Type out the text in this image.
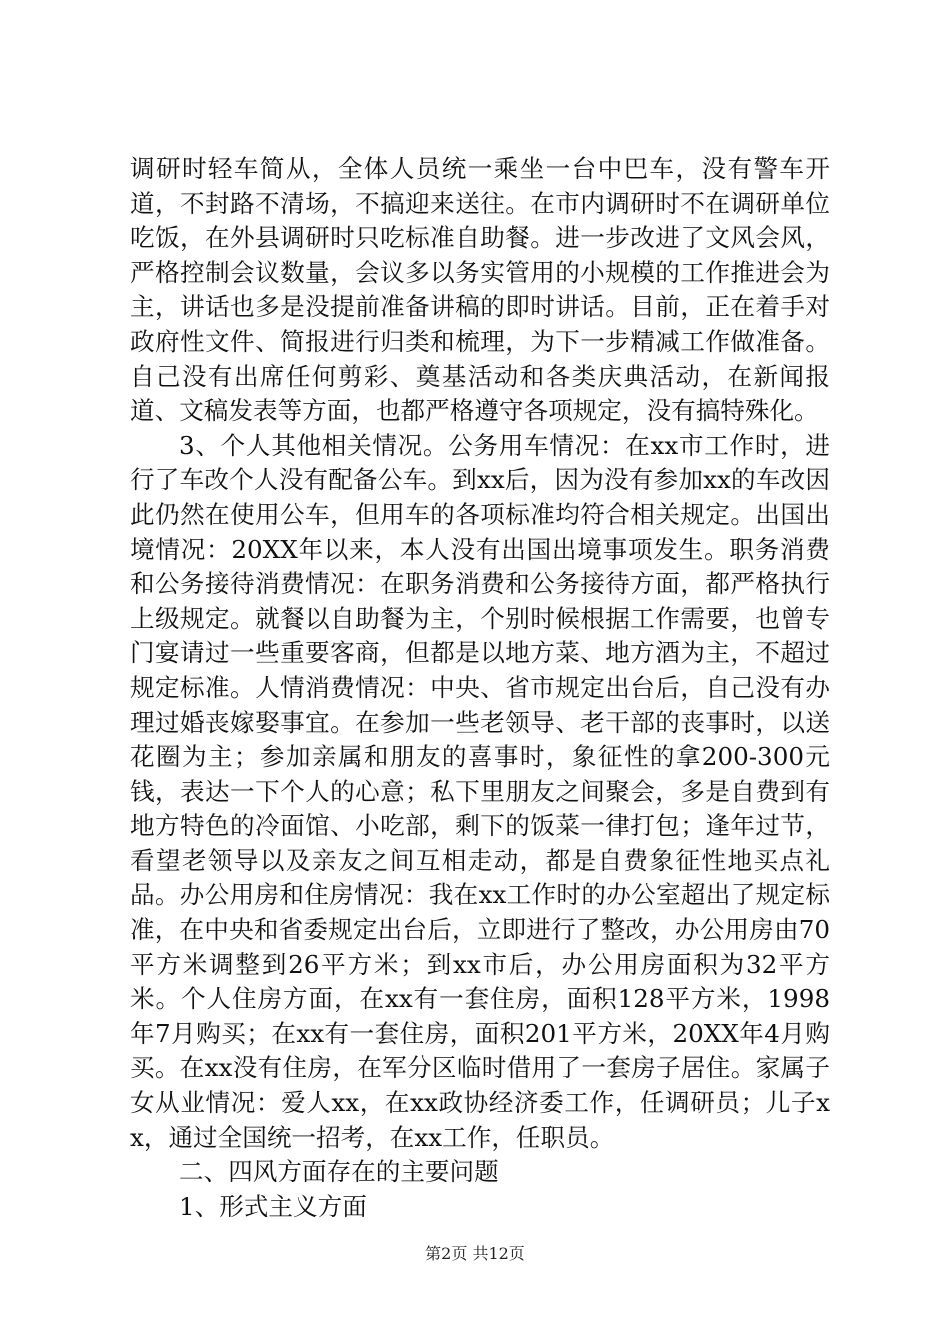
调研时轻车简从，全体人员统一乘坐一台中巴车，没有警车开道，不封路不清场，不搞迎来送往。在市内调研时不在调研单位吃饭，在外县调研时只吃标准自助餐。进一步改进了文风会风，严格控制会议数量，会议多以务实管用的小规模的工作推进会为主，讲话也多是没提前准备讲稿的即时讲话。目前，正在着手对政府性文件、简报进行归类和梳理，为下一步精减工作做准备。自己没有出席任何剪彩、奠基活动和各类庆典活动，在新闻报道、文稿发表等方面，也都严格遵守各项规定，没有搞特殊化。

3、个人其他相关情况。公务用车情况：在xx市工作时，进行了车改个人没有配备公车。到xx后，因为没有参加xx的车改因此仍然在使用公车，但用车的各项标准均符合相关规定。出国出境情况：20XX年以来，本人没有出国出境事项发生。职务消费和公务接待消费情况：在职务消费和公务接待方面，都严格执行上级规定。就餐以自助餐为主，个别时候根据工作需要，也曾专门宴请过一些重要客商，但都是以地方菜、地方酒为主，不超过规定标准。人情消费情况：中央、省市规定出台后，自己没有办理过婚丧嫁娶事宜。在参加一些老领导、老干部的丧事时，以送花圈为主；参加亲属和朋友的喜事时，象征性的拿200-300元钱，表达一下个人的心意；私下里朋友之间聚会，多是自费到有地方特色的冷面馆、小吃部，剩下的饭菜一律打包；逢年过节，看望老领导以及亲友之间互相走动，都是自费象征性地买点礼品。办公用房和住房情况：我在xx工作时的办公室超出了规定标准，在中央和省委规定出台后，立即进行了整改，办公用房由70平方米调整到26平方米；到xx市后，办公用房面积为32平方米。个人住房方面，在xx有一套住房，面积128平方米，1998年7月购买；在xx有一套住房，面积201平方米，20XX年4月购买。在xx没有住房，在军分区临时借用了一套房子居住。家属子女从业情况：爱人xx，在xx政协经济委工作，任调研员；儿子xx，通过全国统一招考，在xx工作，任职员。

二、四风方面存在的主要问题

1、形式主义方面

第2页 共12页
